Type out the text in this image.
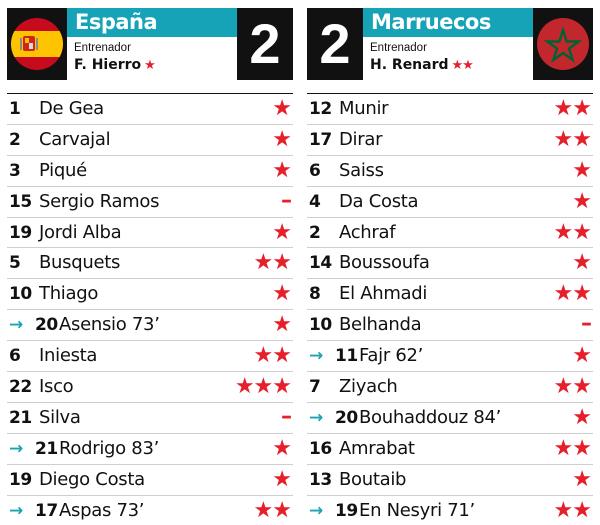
España
Entrenador
F. Hierro ★ 2
1 De Gea	★
2 Carvajal	★
3 Piqué	★
15 Sergio Ramos	–
19 Jordi Alba	★
5 Busquets	★★
10 Thiago	★
→ 20 Asensio 73’	★
6 Iniesta	★★
22 Isco	★★★
21 Silva	–
→ 21 Rodrigo 83’	★
19 Diego Costa	★
→ 17 Aspas 73’	★★
2 Marruecos
Entrenador
H. Renard ★★
12 Munir	★★
17 Dirar	★★
6 Saiss	★
4 Da Costa	★
2 Achraf	★★
14 Boussoufa	★
8 El Ahmadi	★★
10 Belhanda	–
→ 11 Fajr 62’	★
7 Ziyach	★★
→ 20 Bouhaddouz 84’	★
16 Amrabat	★★
13 Boutaib	★
→ 19 En Nesyri 71’	★★
